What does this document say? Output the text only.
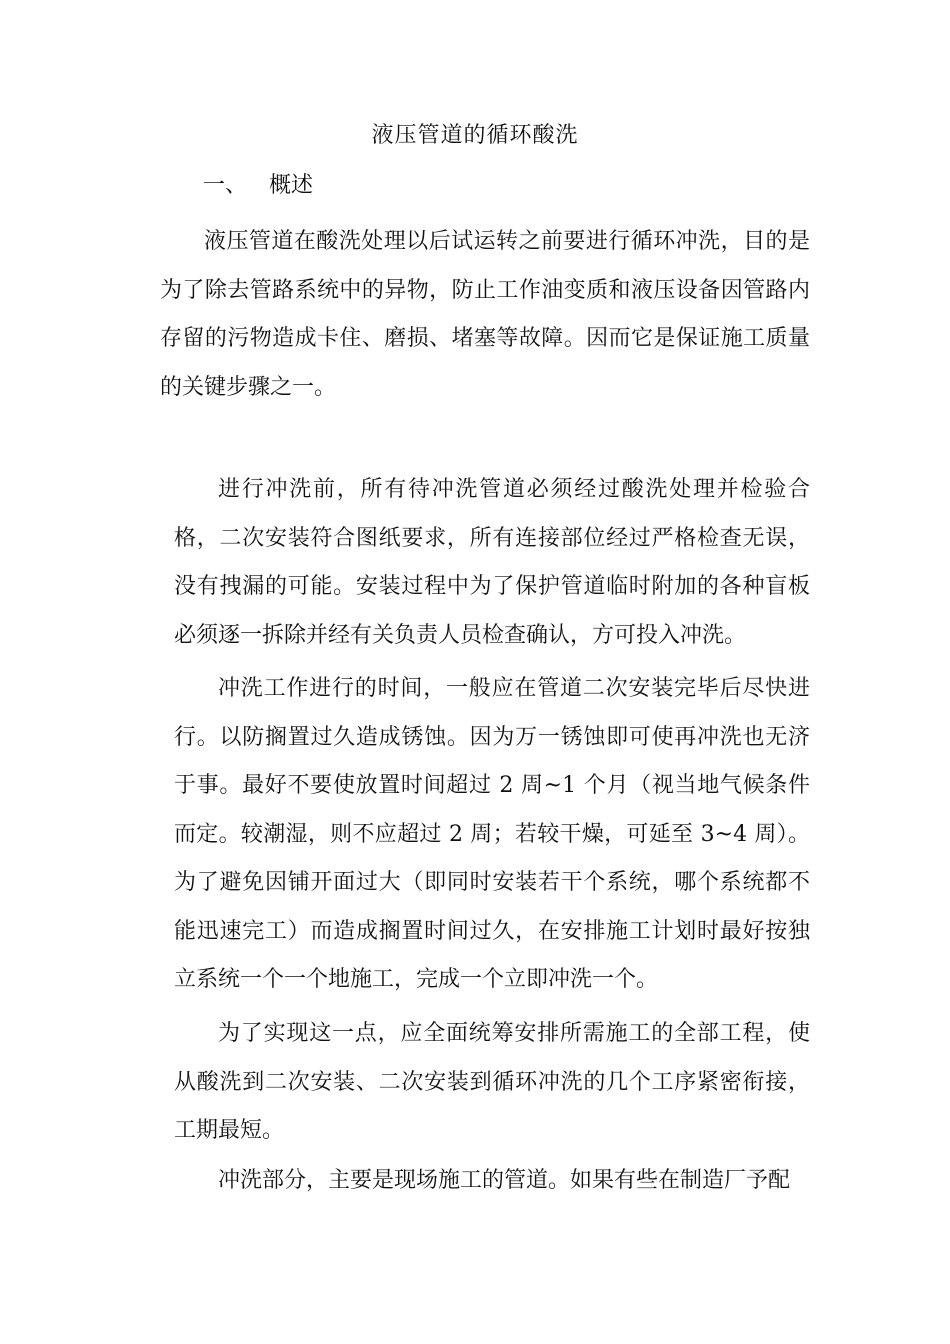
液压管道的循环酸洗
一、 概述

液压管道在酸洗处理以后试运转之前要进行循环冲洗，目的是为了除去管路系统中的异物，防止工作油变质和液压设备因管路内存留的污物造成卡住、磨损、堵塞等故障。因而它是保证施工质量的关键步骤之一。

进行冲洗前，所有待冲洗管道必须经过酸洗处理并检验合格，二次安装符合图纸要求，所有连接部位经过严格检查无误，没有拽漏的可能。安装过程中为了保护管道临时附加的各种盲板必须逐一拆除并经有关负责人员检查确认，方可投入冲洗。

冲洗工作进行的时间，一般应在管道二次安装完毕后尽快进行。以防搁置过久造成锈蚀。因为万一锈蚀即可使再冲洗也无济于事。最好不要使放置时间超过 2 周~1 个月（视当地气候条件而定。较潮湿，则不应超过 2 周；若较干燥，可延至 3~4 周）。为了避免因铺开面过大（即同时安装若干个系统，哪个系统都不能迅速完工）而造成搁置时间过久，在安排施工计划时最好按独立系统一个一个地施工，完成一个立即冲洗一个。

为了实现这一点，应全面统筹安排所需施工的全部工程，使从酸洗到二次安装、二次安装到循环冲洗的几个工序紧密衔接，工期最短。

冲洗部分，主要是现场施工的管道。如果有些在制造厂予配
